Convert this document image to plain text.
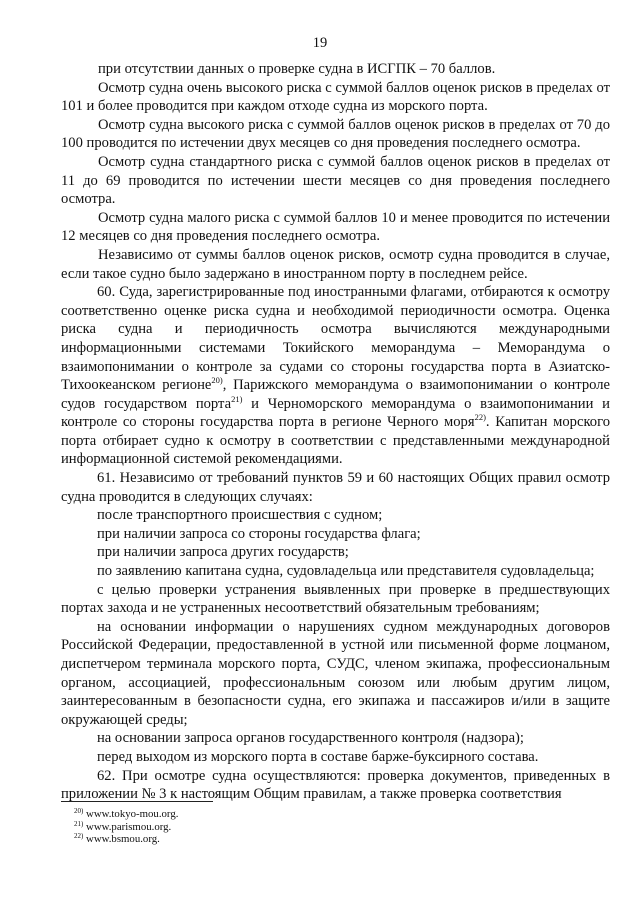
19

при отсутствии данных о проверке судна в ИСГПК – 70 баллов.

Осмотр судна очень высокого риска с суммой баллов оценок рисков в пределах от 101 и более проводится при каждом отходе судна из морского порта.

Осмотр судна высокого риска с суммой баллов оценок рисков в пределах от 70 до 100 проводится по истечении двух месяцев со дня проведения последнего осмотра.

Осмотр судна стандартного риска с суммой баллов оценок рисков в пределах от 11 до 69 проводится по истечении шести месяцев со дня проведения последнего осмотра.

Осмотр судна малого риска с суммой баллов 10 и менее проводится по истечении 12 месяцев со дня проведения последнего осмотра.

Независимо от суммы баллов оценок рисков, осмотр судна проводится в случае, если такое судно было задержано в иностранном порту в последнем рейсе.

60. Суда, зарегистрированные под иностранными флагами, отбираются к осмотру соответственно оценке риска судна и необходимой периодичности осмотра. Оценка риска судна и периодичность осмотра вычисляются международными информационными системами Токийского меморандума – Меморандума о взаимопонимании о контроле за судами со стороны государства порта в Азиатско-Тихоокеанском регионе$^{20)}$, Парижского меморандума о взаимопонимании о контроле судов государством порта$^{21)}$ и Черноморского меморандума о взаимопонимании и контроле со стороны государства порта в регионе Черного моря$^{22)}$. Капитан морского порта отбирает судно к осмотру в соответствии с представленными международной информационной системой рекомендациями.

61. Независимо от требований пунктов 59 и 60 настоящих Общих правил осмотр судна проводится в следующих случаях:

после транспортного происшествия с судном;

при наличии запроса со стороны государства флага;

при наличии запроса других государств;

по заявлению капитана судна, судовладельца или представителя судовладельца;

с целью проверки устранения выявленных при проверке в предшествующих портах захода и не устраненных несоответствий обязательным требованиям;

на основании информации о нарушениях судном международных договоров Российской Федерации, предоставленной в устной или письменной форме лоцманом, диспетчером терминала морского порта, СУДС, членом экипажа, профессиональным органом, ассоциацией, профессиональным союзом или любым другим лицом, заинтересованным в безопасности судна, его экипажа и пассажиров и/или в защите окружающей среды;

на основании запроса органов государственного контроля (надзора);

перед выходом из морского порта в составе барже-буксирного состава.

62. При осмотре судна осуществляются: проверка документов, приведенных в приложении № 3 к настоящим Общим правилам, а также проверка соответствия

$^{20)}$ www.tokyo-mou.org.
$^{21)}$ www.parismou.org.
$^{22)}$ www.bsmou.org.
